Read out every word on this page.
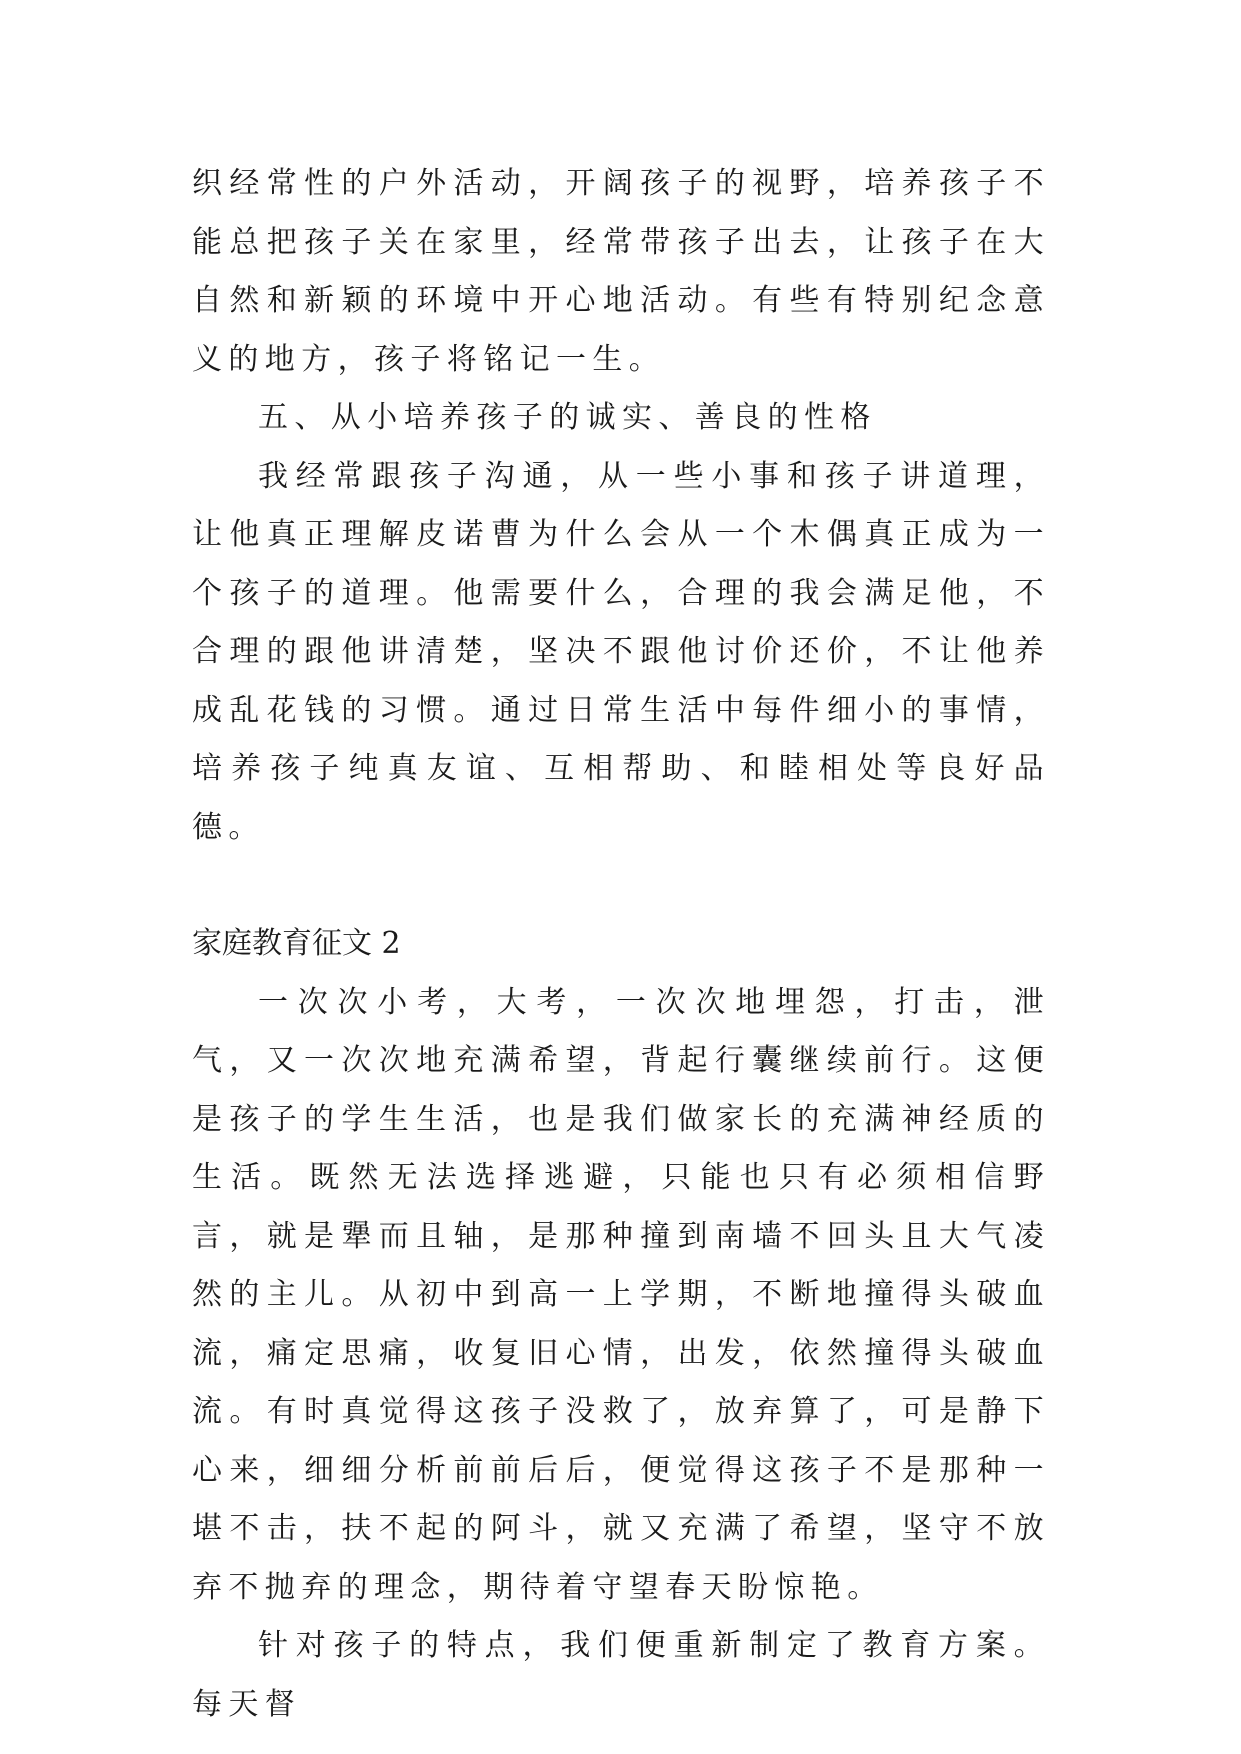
织经常性的户外活动，开阔孩子的视野，培养孩子不能总把孩子关在家里，经常带孩子出去，让孩子在大自然和新颖的环境中开心地活动。有些有特别纪念意义的地方，孩子将铭记一生。

五、从小培养孩子的诚实、善良的性格

我经常跟孩子沟通，从一些小事和孩子讲道理，让他真正理解皮诺曹为什么会从一个木偶真正成为一个孩子的道理。他需要什么，合理的我会满足他，不合理的跟他讲清楚，坚决不跟他讨价还价，不让他养成乱花钱的习惯。通过日常生活中每件细小的事情，培养孩子纯真友谊、互相帮助、和睦相处等良好品德。

家庭教育征文 2

一次次小考，大考，一次次地埋怨，打击，泄气，又一次次地充满希望，背起行囊继续前行。这便是孩子的学生生活，也是我们做家长的充满神经质的生活。既然无法选择逃避，只能也只有必须相信野言，就是犟而且轴，是那种撞到南墙不回头且大气凌然的主儿。从初中到高一上学期，不断地撞得头破血流，痛定思痛，收复旧心情，出发，依然撞得头破血流。有时真觉得这孩子没救了，放弃算了，可是静下心来，细细分析前前后后，便觉得这孩子不是那种一堪不击，扶不起的阿斗，就又充满了希望，坚守不放弃不抛弃的理念，期待着守望春天盼惊艳。

针对孩子的特点，我们便重新制定了教育方案。每天督
